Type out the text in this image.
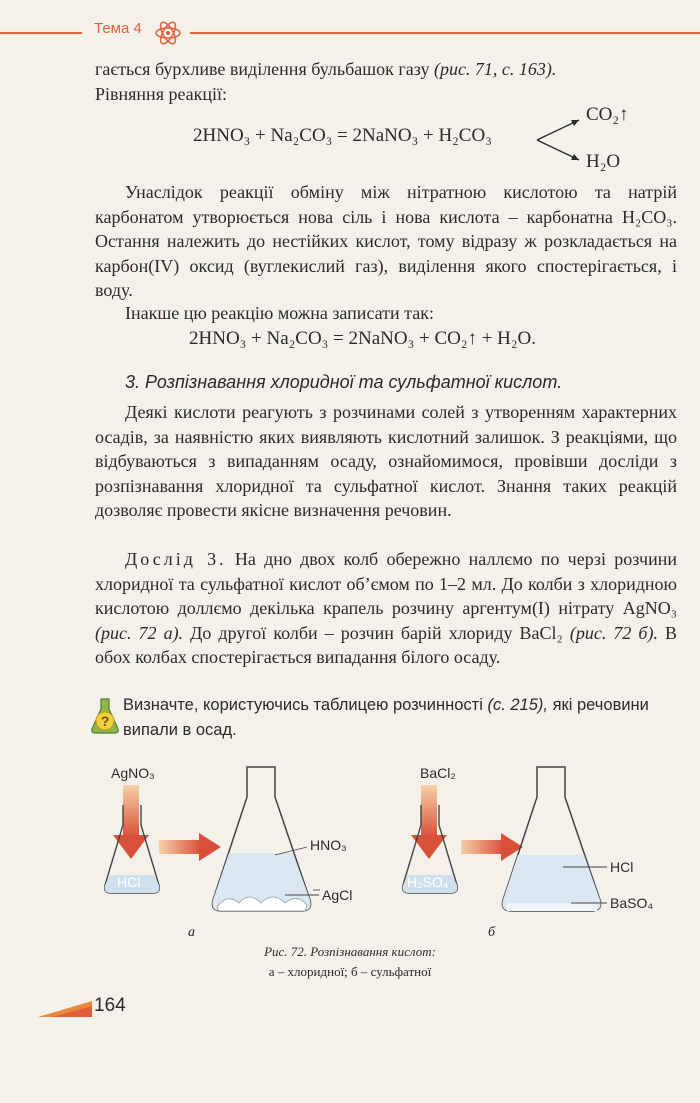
Тема 4
гається бурхливе виділення бульбашок газу (рис. 71, с. 163).
Рівняння реакції:
2HNO₃ + Na₂CO₃ = 2NaNO₃ + H₂CO₃
CO₂↑
H₂O
Унаслідок реакції обміну між нітратною кислотою та натрій карбонатом утворюється нова сіль і нова кислота – карбонатна H₂CO₃. Остання належить до нестійких кислот, тому відразу ж розкладається на карбон(IV) оксид (вуглекислий газ), виділення якого спостерігається, і воду.
Інакше цю реакцію можна записати так:
2HNO₃ + Na₂CO₃ = 2NaNO₃ + CO₂↑ + H₂O.
3. Розпізнавання хлоридної та сульфатної кислот.
Деякі кислоти реагують з розчинами солей з утворенням характерних осадів, за наявністю яких виявляють кислотний залишок. З реакціями, що відбуваються з випаданням осаду, ознайомимося, провівши досліди з розпізнавання хлоридної та сульфатної кислот. Знання таких реакцій дозволяє провести якісне визначення речовин.
Дослід 3. На дно двох колб обережно наллємо по черзі розчини хлоридної та сульфатної кислот об’ємом по 1–2 мл. До колби з хлоридною кислотою доллємо декілька крапель розчину аргентум(I) нітрату AgNO₃ (рис. 72 а). До другої колби – розчин барій хлориду BaCl₂ (рис. 72 б). В обох колбах спостерігається випадання білого осаду.
?
Визначте, користуючись таблицею розчинності (с. 215), які речовини випали в осад.
AgNO₃
HCl
HNO₃
AgCl
BaCl₂
H₂SO₄
HCl
BaSO₄
а	б
Рис. 72. Розпізнавання кислот:
а – хлоридної; б – сульфатної
164
